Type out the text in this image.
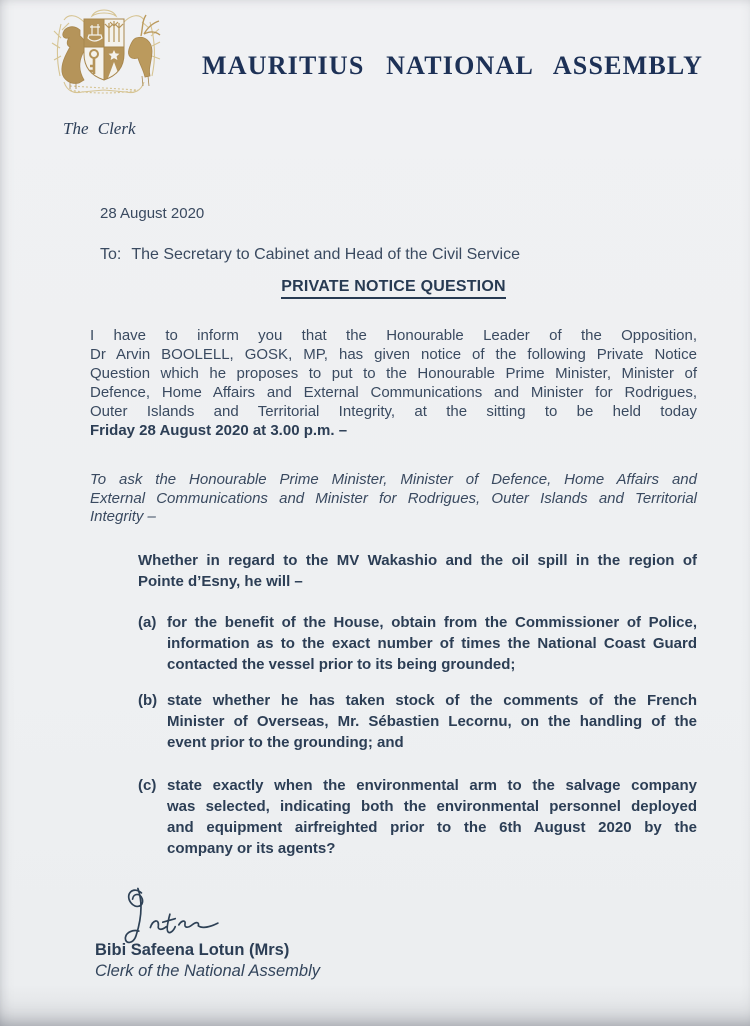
The Clerk
MAURITIUS NATIONAL ASSEMBLY
28 August 2020
To: The Secretary to Cabinet and Head of the Civil Service
PRIVATE NOTICE QUESTION
I have to inform you that the Honourable Leader of the Opposition,
Dr Arvin BOOLELL, GOSK, MP, has given notice of the following Private Notice
Question which he proposes to put to the Honourable Prime Minister, Minister of
Defence, Home Affairs and External Communications and Minister for Rodrigues,
Outer Islands and Territorial Integrity, at the sitting to be held today
Friday 28 August 2020 at 3.00 p.m. –
To ask the Honourable Prime Minister, Minister of Defence, Home Affairs and
External Communications and Minister for Rodrigues, Outer Islands and Territorial
Integrity –
Whether in regard to the MV Wakashio and the oil spill in the region of
Pointe d’Esny, he will –
(a) for the benefit of the House, obtain from the Commissioner of Police,
information as to the exact number of times the National Coast Guard
contacted the vessel prior to its being grounded;
(b) state whether he has taken stock of the comments of the French
Minister of Overseas, Mr. Sébastien Lecornu, on the handling of the
event prior to the grounding; and
(c) state exactly when the environmental arm to the salvage company
was selected, indicating both the environmental personnel deployed
and equipment airfreighted prior to the 6th August 2020 by the
company or its agents?
Bibi Safeena Lotun (Mrs)
Clerk of the National Assembly
